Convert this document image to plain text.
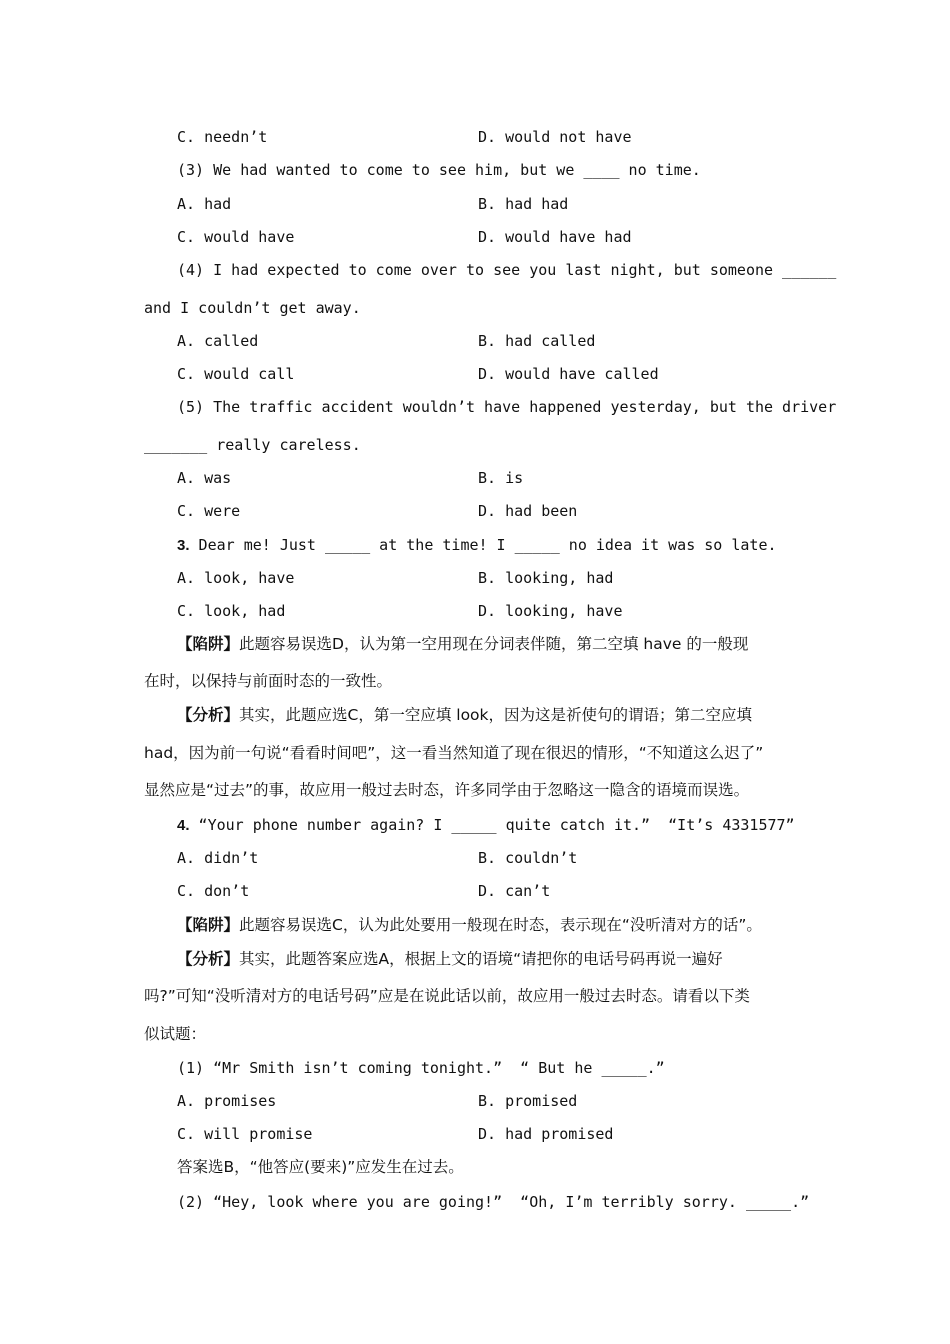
C. needn’t	D. would not have
(3) We had wanted to come to see him, but we ____ no time.
A. had	B. had had
C. would have	D. would have had
(4) I had expected to come over to see you last night, but someone ______
and I couldn’t get away.
A. called	B. had called
C. would call	D. would have called
(5) The traffic accident wouldn’t have happened yesterday, but the driver
_______ really careless.
A. was	B. is
C. were	D. had been
3. Dear me! Just _____ at the time! I _____ no idea it was so late.
A. look, have	B. looking, had
C. look, had	D. looking, have
【陷阱】此题容易误选D，认为第一空用现在分词表伴随，第二空填 have 的一般现
在时，以保持与前面时态的一致性。
【分析】其实，此题应选C，第一空应填 look，因为这是祈使句的谓语；第二空应填
had，因为前一句说“看看时间吧”，这一看当然知道了现在很迟的情形，“不知道这么迟了”
显然应是“过去”的事，故应用一般过去时态，许多同学由于忽略这一隐含的语境而误选。
4. “Your phone number again? I _____ quite catch it.”  “It’s 4331577”
A. didn’t	B. couldn’t
C. don’t	D. can’t
【陷阱】此题容易误选C，认为此处要用一般现在时态，表示现在“没听清对方的话”。
【分析】其实，此题答案应选A，根据上文的语境“请把你的电话号码再说一遍好
吗?”可知“没听清对方的电话号码”应是在说此话以前，故应用一般过去时态。请看以下类
似试题：
(1) “Mr Smith isn’t coming tonight.”  “ But he _____.”
A. promises	B. promised
C. will promise	D. had promised
答案选B，“他答应(要来)”应发生在过去。
(2) “Hey, look where you are going!”  “Oh, I’m terribly sorry. _____.”
